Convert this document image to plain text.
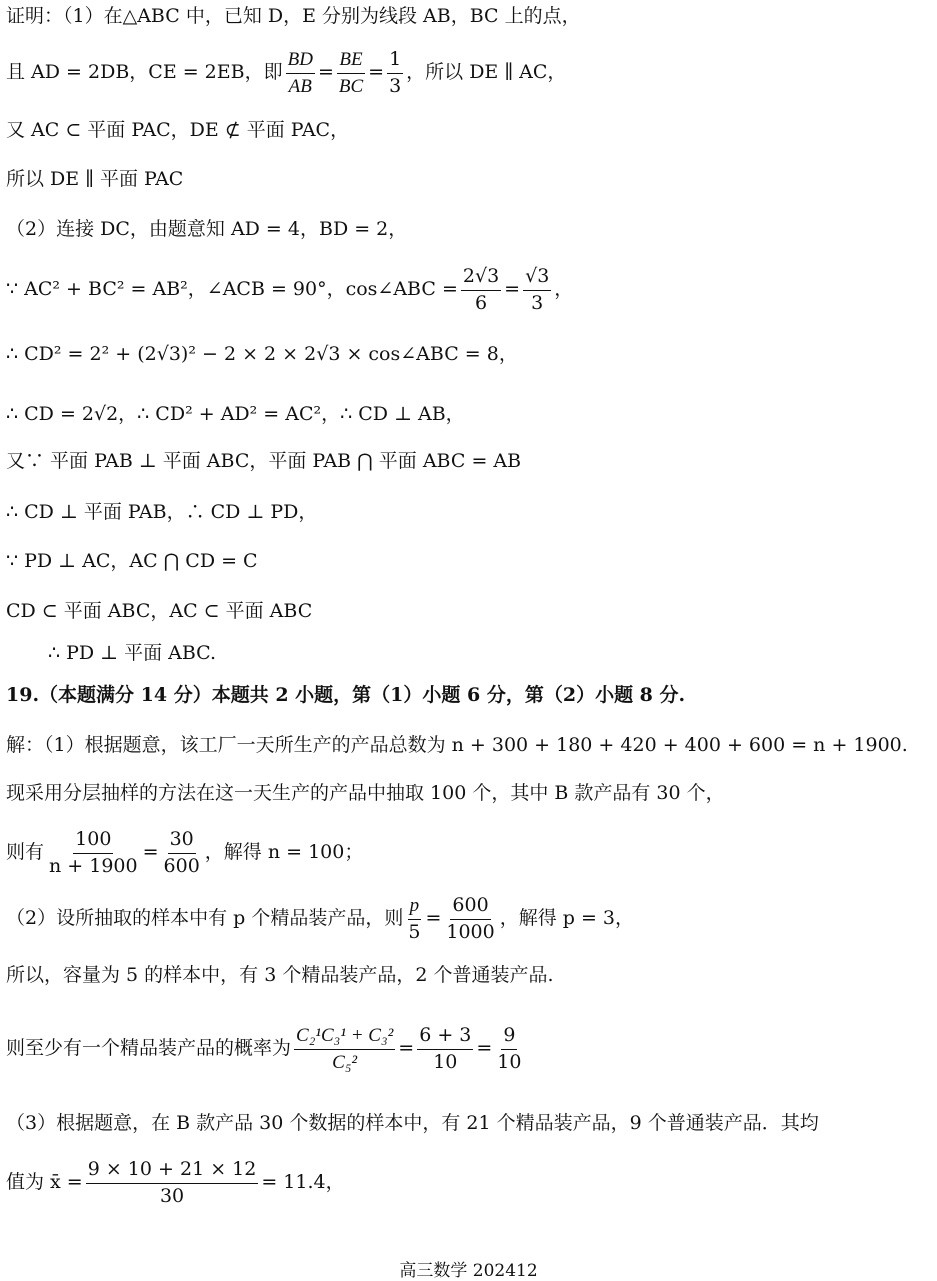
证明：（1）在△ABC 中，已知 D，E 分别为线段 AB，BC 上的点，
且 AD = 2DB，CE = 2EB，即 $\frac{BD}{AB} = \frac{BE}{BC} = \frac{1}{3}$ ，所以 DE ∥ AC，
又 AC ⊂ 平面 PAC，DE ⊄ 平面 PAC，
所以 DE ∥ 平面 PAC
（2）连接 DC，由题意知 AD = 4，BD = 2，
∵ AC² + BC² = AB²，∠ACB = 90°，cos∠ABC = $\frac{2√3}{6} = \frac{√3}{3}$ ，
∴ CD² = 2² + (2√3)² − 2 × 2 × 2√3 × cos∠ABC = 8，
∴ CD = 2√2，∴ CD² + AD² = AC²，∴ CD ⊥ AB，
又∵ 平面 PAB ⊥ 平面 ABC，平面 PAB ⋂ 平面 ABC = AB
∴ CD ⊥ 平面 PAB，∴ CD ⊥ PD，
∵ PD ⊥ AC，AC ⋂ CD = C
CD ⊂ 平面 ABC，AC ⊂ 平面 ABC
∴ PD ⊥ 平面 ABC.
19.（本题满分 14 分）本题共 2 小题，第（1）小题 6 分，第（2）小题 8 分.
解：（1）根据题意，该工厂一天所生产的产品总数为 n + 300 + 180 + 420 + 400 + 600 = n + 1900.
现采用分层抽样的方法在这一天生产的产品中抽取 100 个，其中 B 款产品有 30 个，
则有 $\frac{100}{n + 1900} = \frac{30}{600}$ ，解得 n = 100；
（2）设所抽取的样本中有 p 个精品装产品，则 $\frac{p}{5} = \frac{600}{1000}$ ，解得 p = 3，
所以，容量为 5 的样本中，有 3 个精品装产品，2 个普通装产品.
则至少有一个精品装产品的概率为 $\frac{\text{C₂¹C₃¹ + C₃²}}{\text{C₅²}} = \frac{6 + 3}{10} = \frac{9}{10}$
（3）根据题意，在 B 款产品 30 个数据的样本中，有 21 个精品装产品，9 个普通装产品．其均
值为 x̄ = $\frac{9 \times 10 + 21 \times 12}{30} = 11.4$，
高三数学 202412
